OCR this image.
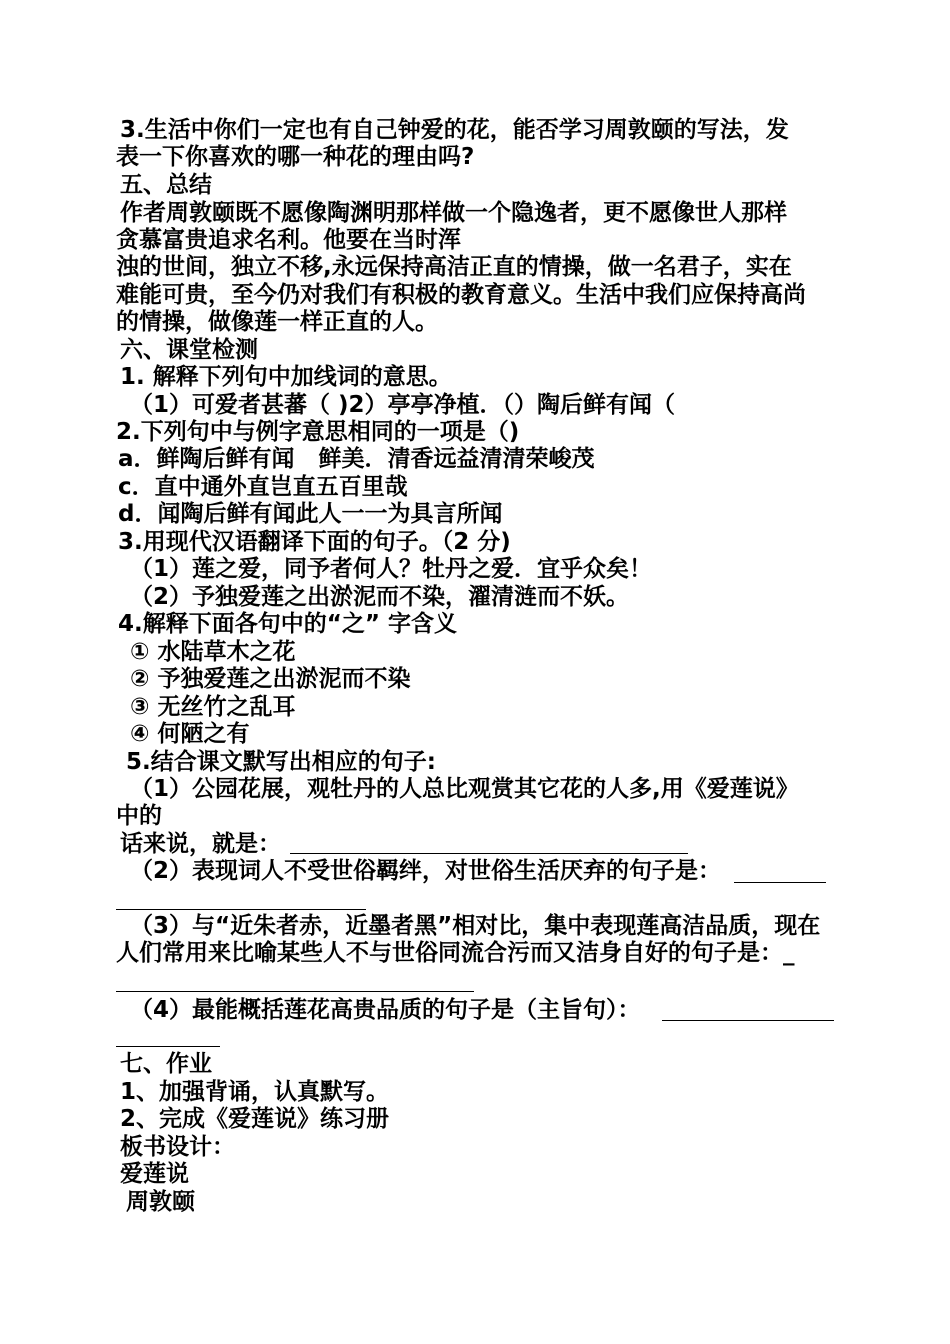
3.生活中你们一定也有自己钟爱的花，能否学习周敦颐的写法，发
表一下你喜欢的哪一种花的理由吗?
五、总结
作者周敦颐既不愿像陶渊明那样做一个隐逸者，更不愿像世人那样
贪慕富贵追求名利。他要在当时浑
浊的世间，独立不移,永远保持高洁正直的情操，做一名君子，实在
难能可贵，至今仍对我们有积极的教育意义。生活中我们应保持高尚
的情操，做像莲一样正直的人。
六、课堂检测
1. 解释下列句中加线词的意思。
（1）可爱者甚蕃（ )2）亭亭净植．（）陶后鲜有闻（
2.下列句中与例字意思相同的一项是（)
a．鲜陶后鲜有闻   鲜美．清香远益清清荣峻茂
c．直中通外直岂直五百里哉
d．闻陶后鲜有闻此人一一为具言所闻
3.用现代汉语翻译下面的句子。（2 分)
（1）莲之爱，同予者何人？牡丹之爱．宜乎众矣！
（2）予独爱莲之出淤泥而不染，濯清涟而不妖。
4.解释下面各句中的“之” 字含义
① 水陆草木之花
② 予独爱莲之出淤泥而不染
③ 无丝竹之乱耳
④ 何陋之有
5.结合课文默写出相应的句子:
（1）公园花展，观牡丹的人总比观赏其它花的人多,用《爱莲说》
中的
话来说，就是：
（2）表现词人不受世俗羁绊，对世俗生活厌弃的句子是：
（3）与“近朱者赤，近墨者黑”相对比，集中表现莲高洁品质，现在
人们常用来比喻某些人不与世俗同流合污而又洁身自好的句子是：_
（4）最能概括莲花高贵品质的句子是（主旨句）：
七、作业
1、加强背诵，认真默写。
2、完成《爱莲说》练习册
板书设计：
爱莲说
周敦颐
